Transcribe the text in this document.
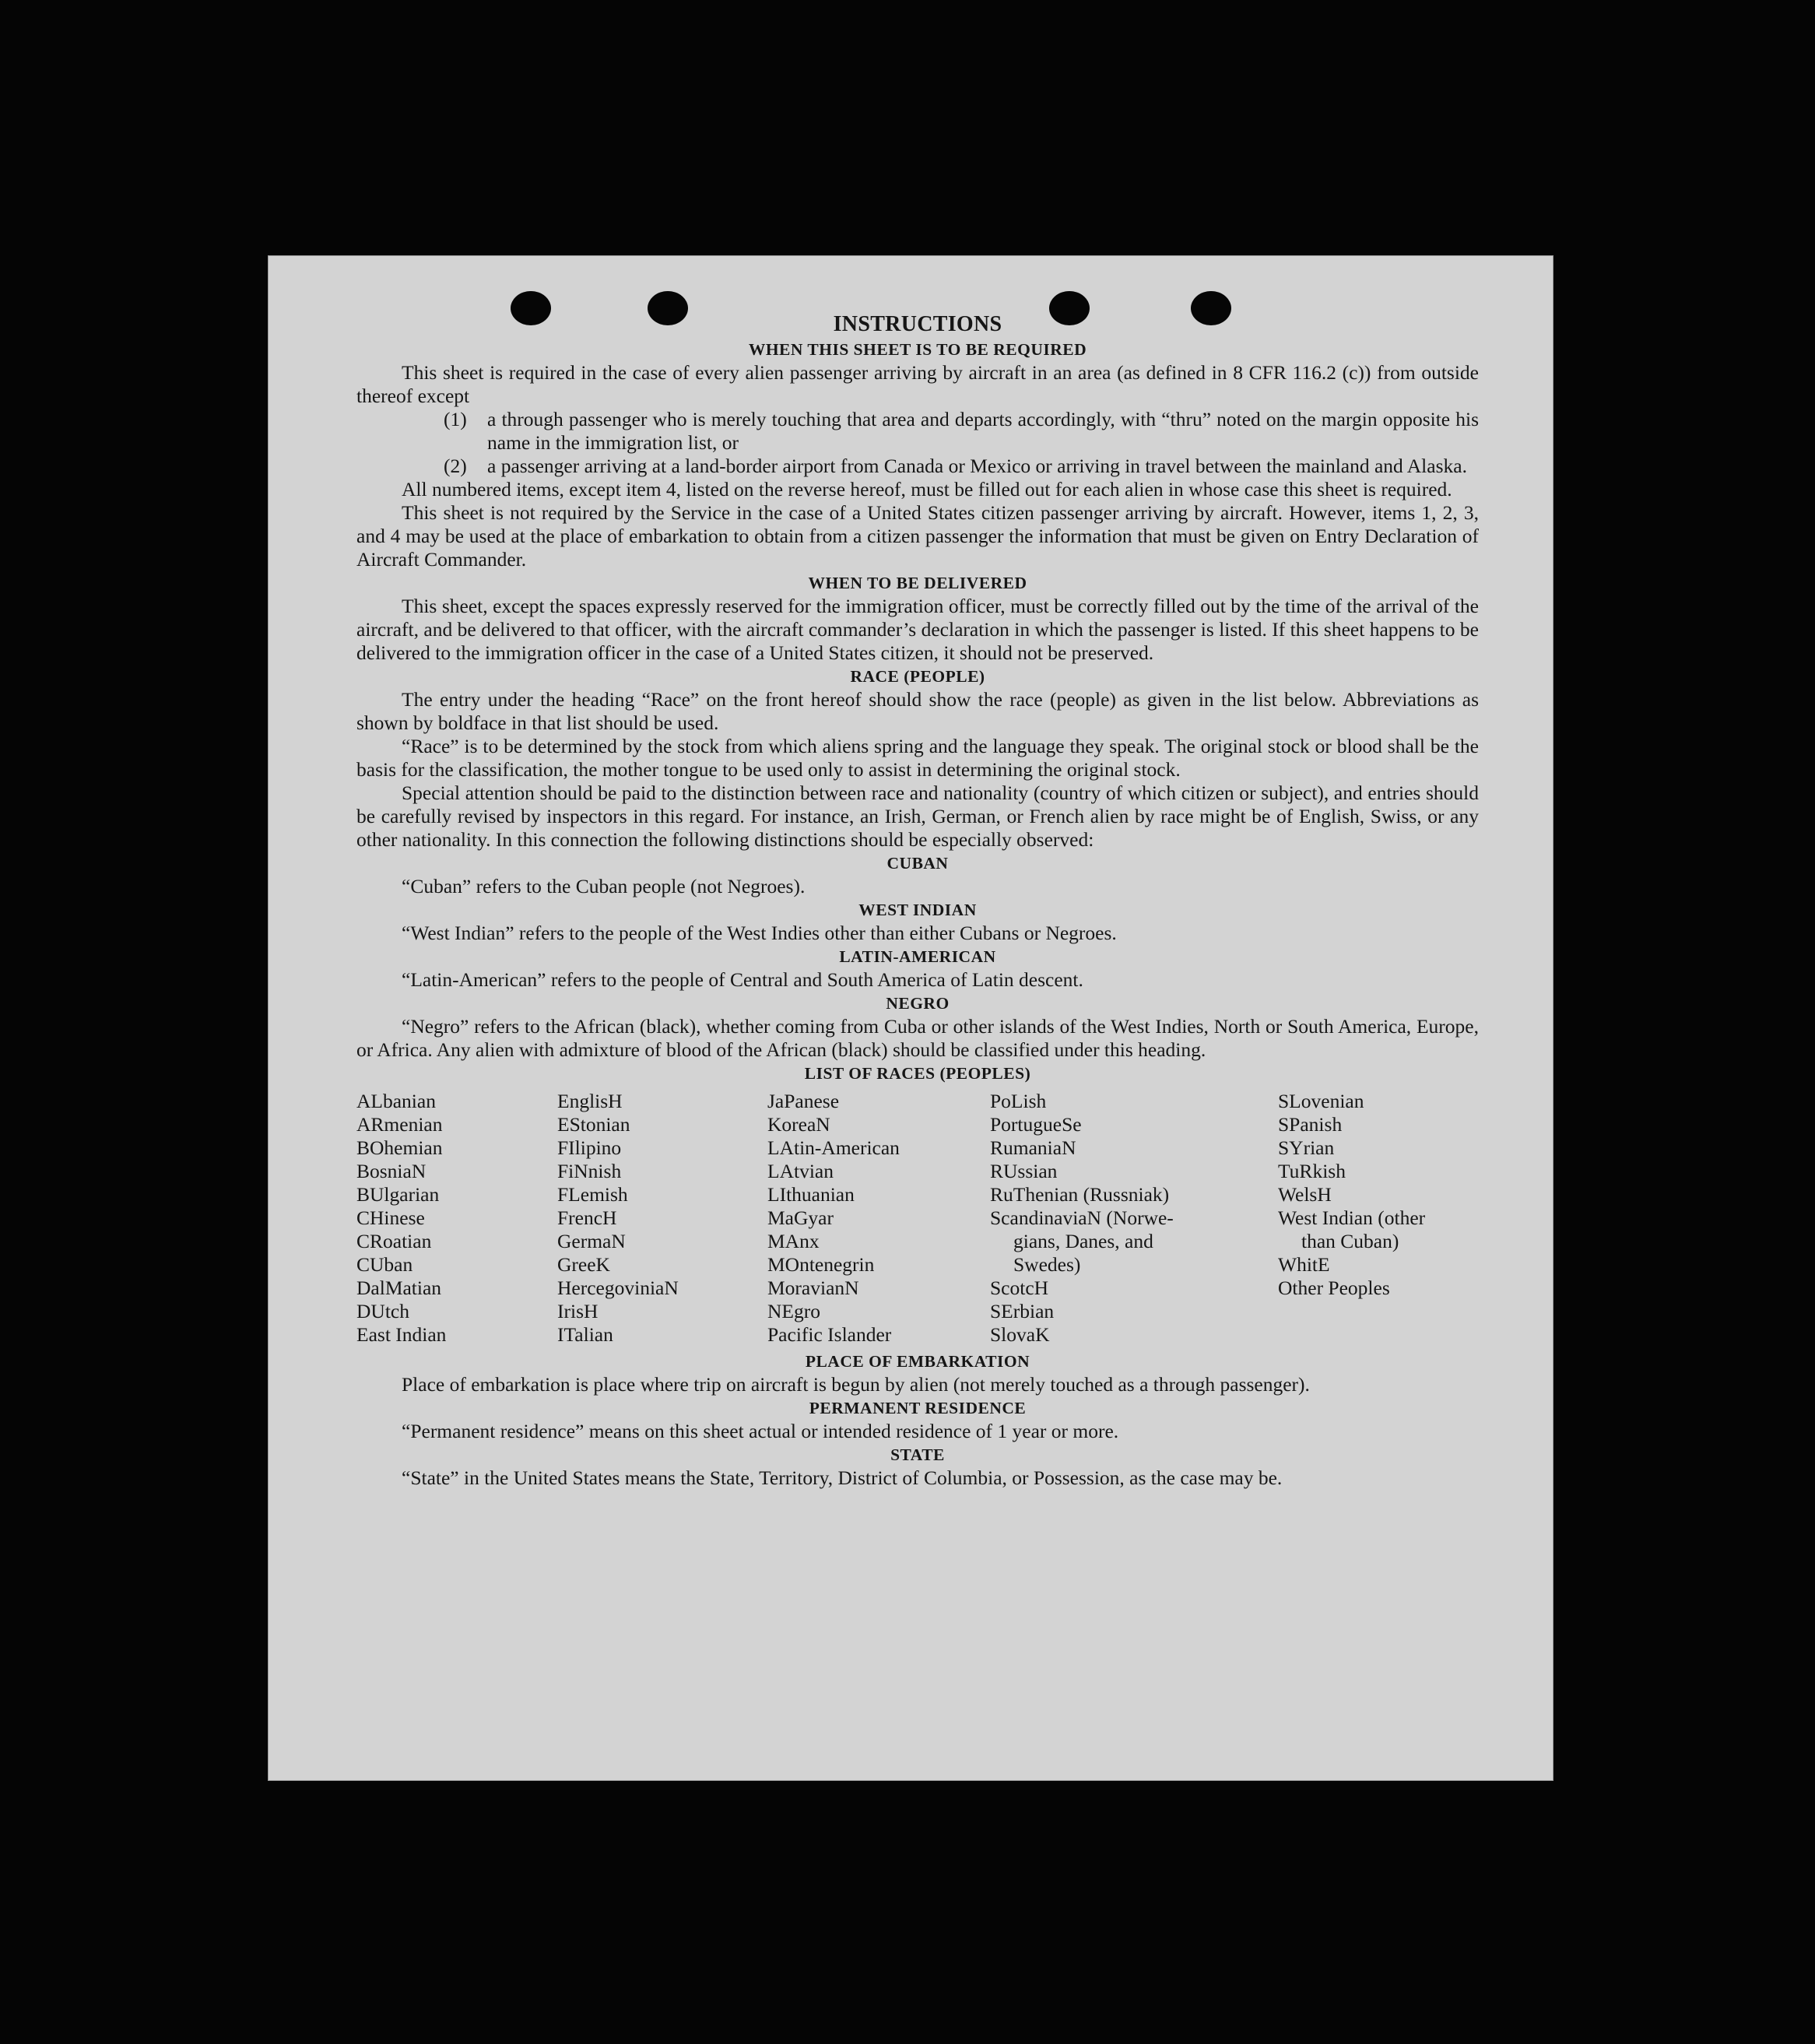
INSTRUCTIONS
WHEN THIS SHEET IS TO BE REQUIRED

This sheet is required in the case of every alien passenger arriving by aircraft in an area (as defined in 8 CFR 116.2 (c)) from outside thereof except

(1)	a through passenger who is merely touching that area and departs accordingly, with “thru” noted on the margin opposite his name in the immigration list, or
(2)	a passenger arriving at a land-border airport from Canada or Mexico or arriving in travel between the mainland and Alaska.

All numbered items, except item 4, listed on the reverse hereof, must be filled out for each alien in whose case this sheet is required.

This sheet is not required by the Service in the case of a United States citizen passenger arriving by aircraft. However, items 1, 2, 3, and 4 may be used at the place of embarkation to obtain from a citizen passenger the information that must be given on Entry Declaration of Aircraft Commander.

WHEN TO BE DELIVERED

This sheet, except the spaces expressly reserved for the immigration officer, must be correctly filled out by the time of the arrival of the aircraft, and be delivered to that officer, with the aircraft commander’s declaration in which the passenger is listed. If this sheet happens to be delivered to the immigration officer in the case of a United States citizen, it should not be preserved.

RACE (PEOPLE)

The entry under the heading “Race” on the front hereof should show the race (people) as given in the list below. Abbreviations as shown by boldface in that list should be used.

“Race” is to be determined by the stock from which aliens spring and the language they speak. The original stock or blood shall be the basis for the classification, the mother tongue to be used only to assist in determining the original stock.

Special attention should be paid to the distinction between race and nationality (country of which citizen or subject), and entries should be carefully revised by inspectors in this regard. For instance, an Irish, German, or French alien by race might be of English, Swiss, or any other nationality. In this connection the following distinctions should be especially observed:

CUBAN

“Cuban” refers to the Cuban people (not Negroes).

WEST INDIAN

“West Indian” refers to the people of the West Indies other than either Cubans or Negroes.

LATIN-AMERICAN

“Latin-American” refers to the people of Central and South America of Latin descent.

NEGRO

“Negro” refers to the African (black), whether coming from Cuba or other islands of the West Indies, North or South America, Europe, or Africa. Any alien with admixture of blood of the African (black) should be classified under this heading.

LIST OF RACES (PEOPLES)
ALbanian
ARmenian
BOhemian
BosniaN
BUlgarian
CHinese
CRoatian
CUban
DalMatian
DUtch
East Indian
EnglisH
EStonian
FIlipino
FiNnish
FLemish
FrencH
GermaN
GreeK
HercegoviniaN
IrisH
ITalian
JaPanese
KoreaN
LAtin-American
LAtvian
LIthuanian
MaGyar
MAnx
MOntenegrin
MoravianN
NEgro
Pacific Islander
PoLish
PortugueSe
RumaniaN
RUssian
RuThenian (Russniak)
ScandinaviaN (Norwe-
gians, Danes, and
Swedes)
ScotcH
SErbian
SlovaK
SLovenian
SPanish
SYrian
TuRkish
WelsH
West Indian (other
than Cuban)
WhitE
Other Peoples
PLACE OF EMBARKATION

Place of embarkation is place where trip on aircraft is begun by alien (not merely touched as a through passenger).

PERMANENT RESIDENCE

“Permanent residence” means on this sheet actual or intended residence of 1 year or more.

STATE

“State” in the United States means the State, Territory, District of Columbia, or Possession, as the case may be.
